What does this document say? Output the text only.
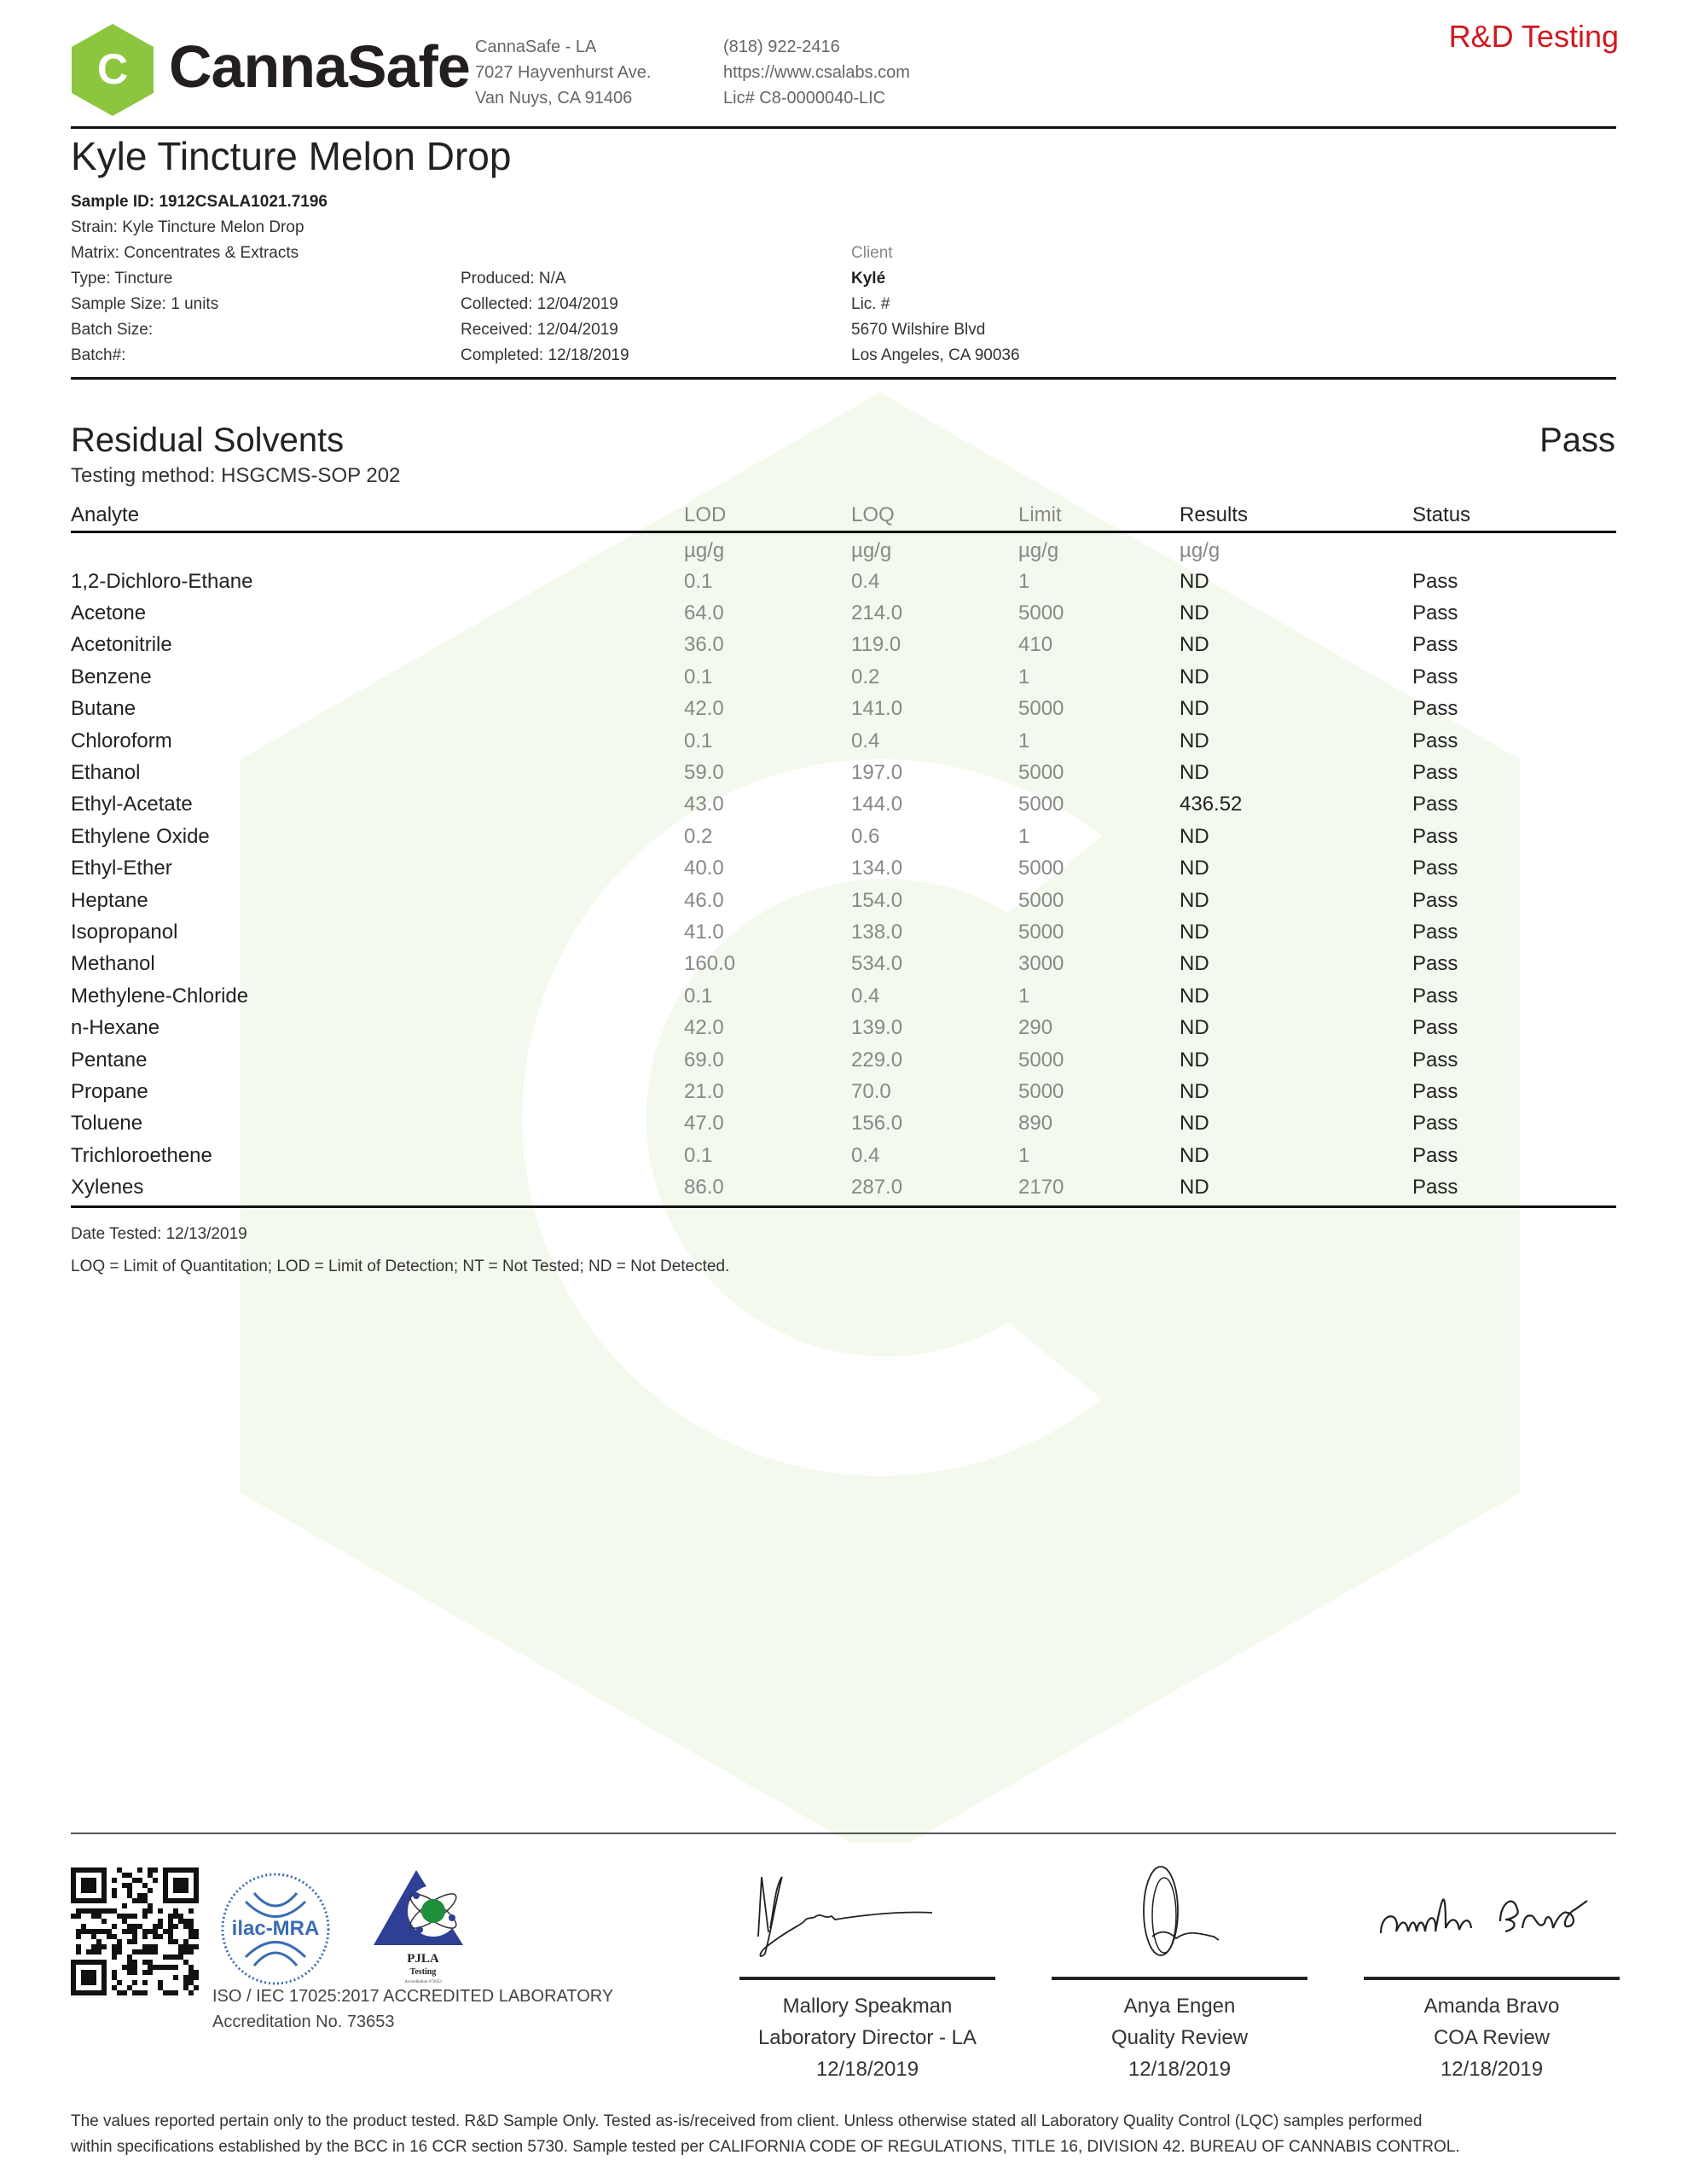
C CannaSafe CannaSafe - LA
7027 Hayvenhurst Ave.
Van Nuys, CA 91406
(818) 922-2416
https://www.csalabs.com
Lic# C8-0000040-LIC
R&D Testing
Kyle Tincture Melon Drop
Sample ID: 1912CSALA1021.7196
Strain: Kyle Tincture Melon Drop
Matrix: Concentrates & Extracts
Type: Tincture
Sample Size: 1 units
Batch Size:
Batch#:
Produced: N/A
Collected: 12/04/2019
Received: 12/04/2019
Completed: 12/18/2019
Client
Kylé
Lic. #
5670 Wilshire Blvd
Los Angeles, CA 90036
Residual Solvents	Pass
Testing method: HSGCMS-SOP 202
Analyte	LOD	LOQ	Limit	Results	Status
	µg/g	µg/g	µg/g	µg/g	
1,2-Dichloro-Ethane	0.1	0.4	1	ND	Pass
Acetone	64.0	214.0	5000	ND	Pass
Acetonitrile	36.0	119.0	410	ND	Pass
Benzene	0.1	0.2	1	ND	Pass
Butane	42.0	141.0	5000	ND	Pass
Chloroform	0.1	0.4	1	ND	Pass
Ethanol	59.0	197.0	5000	ND	Pass
Ethyl-Acetate	43.0	144.0	5000	436.52	Pass
Ethylene Oxide	0.2	0.6	1	ND	Pass
Ethyl-Ether	40.0	134.0	5000	ND	Pass
Heptane	46.0	154.0	5000	ND	Pass
Isopropanol	41.0	138.0	5000	ND	Pass
Methanol	160.0	534.0	3000	ND	Pass
Methylene-Chloride	0.1	0.4	1	ND	Pass
n-Hexane	42.0	139.0	290	ND	Pass
Pentane	69.0	229.0	5000	ND	Pass
Propane	21.0	70.0	5000	ND	Pass
Toluene	47.0	156.0	890	ND	Pass
Trichloroethene	0.1	0.4	1	ND	Pass
Xylenes	86.0	287.0	2170	ND	Pass
Date Tested: 12/13/2019
LOQ = Limit of Quantitation; LOD = Limit of Detection; NT = Not Tested; ND = Not Detected.
ilac-MRA
PJLA
Testing
Accreditation #73653
ISO / IEC 17025:2017 ACCREDITED LABORATORY
Accreditation No. 73653
Mallory Speakman
Laboratory Director - LA
12/18/2019
Anya Engen
Quality Review
12/18/2019
Amanda Bravo
COA Review
12/18/2019
The values reported pertain only to the product tested. R&D Sample Only. Tested as-is/received from client. Unless otherwise stated all Laboratory Quality Control (LQC) samples performed
within specifications established by the BCC in 16 CCR section 5730. Sample tested per CALIFORNIA CODE OF REGULATIONS, TITLE 16, DIVISION 42. BUREAU OF CANNABIS CONTROL.
